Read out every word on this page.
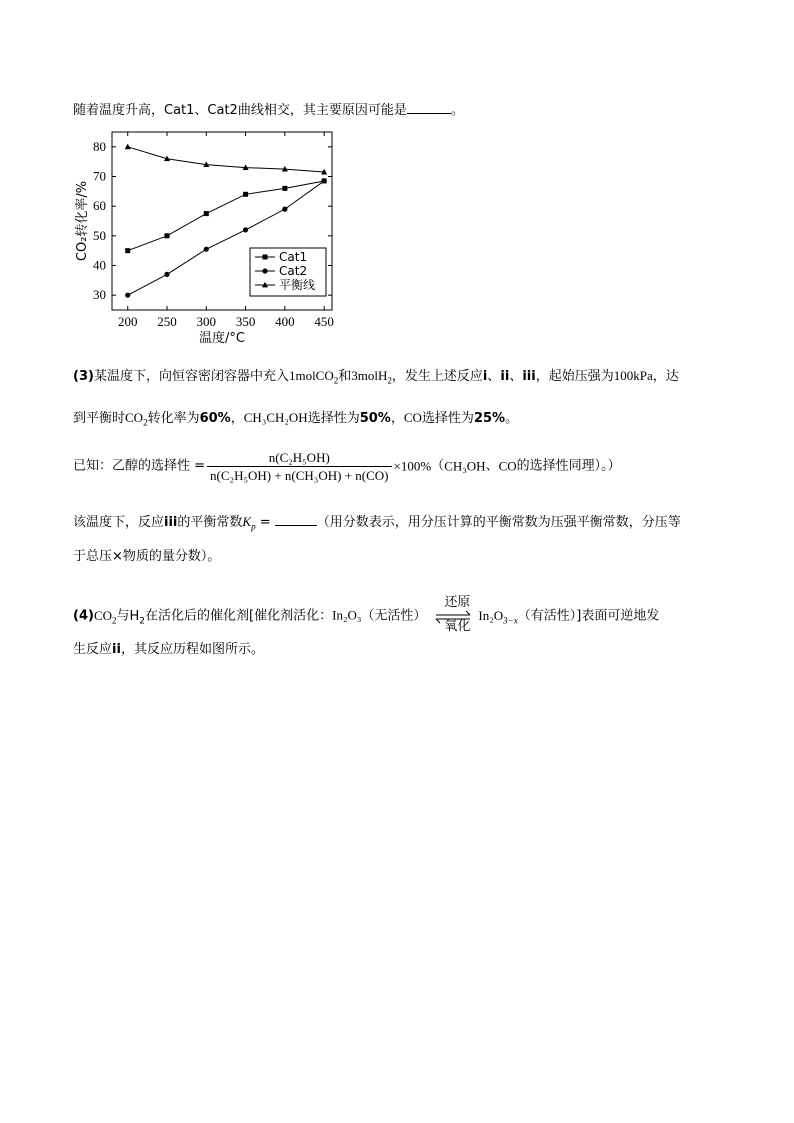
随着温度升高，Cat1、Cat2曲线相交，其主要原因可能是	。
30
40
50
60
70
80
200 250 300 350 400 450
温度/°C
CO₂转化率/%	Cat1
Cat2
平衡线
(3)某温度下，向恒容密闭容器中充入1molCO$_2$和3molH$_2$，发生上述反应i、ii、iii，起始压强为100kPa，达
到平衡时$CO_2$转化率为60%，CH₃CH₂OH选择性为50%，CO选择性为25%。
已知：乙醇的选择性 = $\frac{\text{n(C₂H₅OH)}}{\text{n(C₂H₅OH) + n(CH₃OH) + n(CO)}} \times 100\%(CH_3OH$、CO的选择性同理）。）
该温度下，反应iii的平衡常数$K_p$ =	（用分数表示，用分压计算的平衡常数为压强平衡常数，分压等
于总压×物质的量分数）。
$(4)CO_2$与$H_2$在活化后的催化剂[催化剂活化：In₂O₃（无活性）
还原
氧化
$In_2O_{3-x}$（有活性）]表面可逆地发
生反应ii，其反应历程如图所示。
